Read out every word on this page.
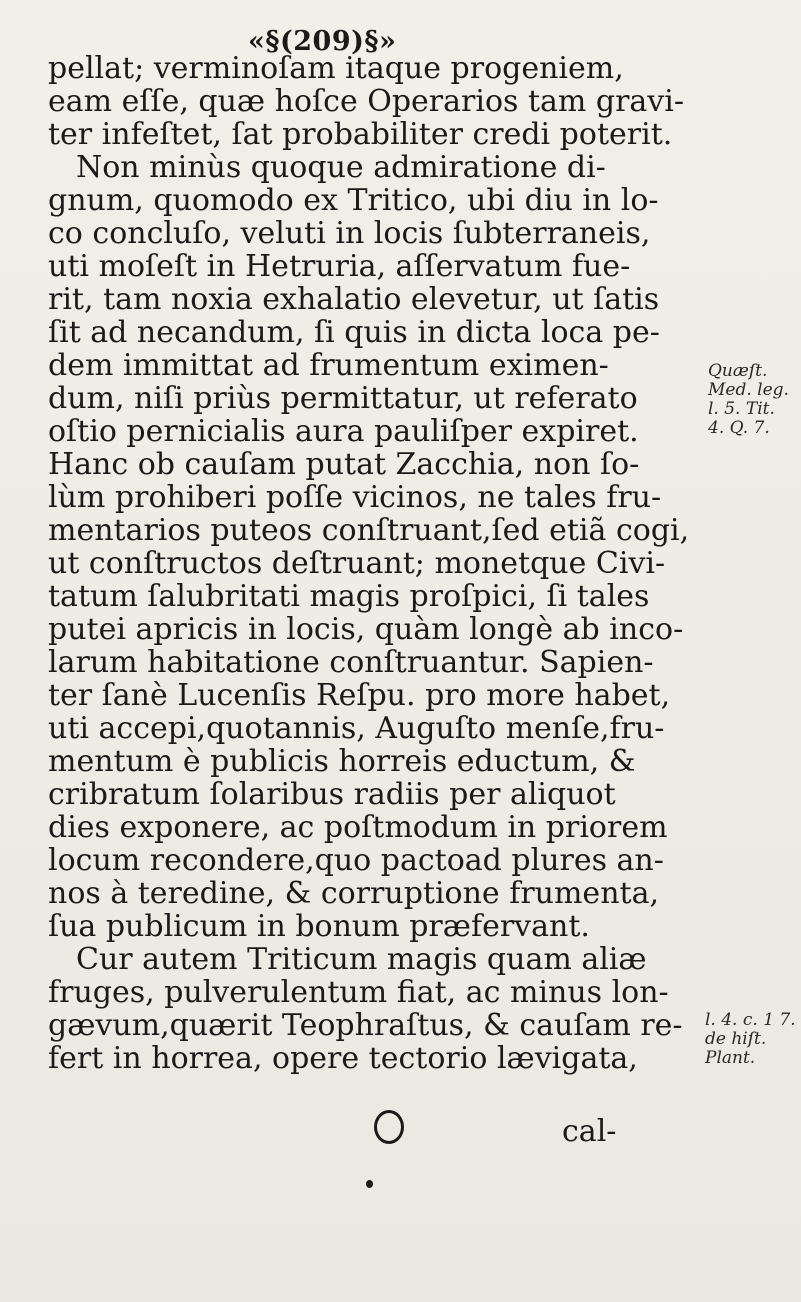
«§(209)§»
pellat; verminoſam itaque progeniem,
eam eſſe, quæ hoſce Operarios tam gravi-
ter infeſtet, ſat probabiliter credi poterit.
Non minùs quoque admiratione di-
gnum, quomodo ex Tritico, ubi diu in lo-
co concluſo, veluti in locis ſubterraneis,
uti moſeſt in Hetruria, aſſervatum fue-
rit, tam noxia exhalatio elevetur, ut ſatis
ſit ad necandum, ſi quis in dicta loca pe-
dem immittat ad frumentum eximen-
dum, niſi priùs permittatur, ut referato
oſtio pernicialis aura pauliſper expiret.
Hanc ob cauſam putat Zacchia, non ſo-
lùm prohiberi poſſe vicinos, ne tales fru-
mentarios puteos conſtruant,ſed etiã cogi,
ut conſtructos deſtruant; monetque Civi-
tatum ſalubritati magis proſpici, ſi tales
putei apricis in locis, quàm longè ab inco-
larum habitatione conſtruantur. Sapien-
ter ſanè Lucenſis Reſpu. pro more habet,
uti accepi,quotannis, Auguſto menſe,fru-
mentum è publicis horreis eductum, &
cribratum ſolaribus radiis per aliquot
dies exponere, ac poſtmodum in priorem
locum recondere,quo pactoad plures an-
nos à teredine, & corruptione frumenta,
ſua publicum in bonum præfervant.
Cur autem Triticum magis quam aliæ
fruges, pulverulentum fiat, ac minus lon-
gævum,quærit Teophraſtus, & cauſam re-
fert in horrea, opere tectorio lævigata,
Quæſt.
Med. leg.
l. 5. Tit.
4. Q. 7.
l. 4. c. 1 7.
de hiſt.
Plant.
cal-
